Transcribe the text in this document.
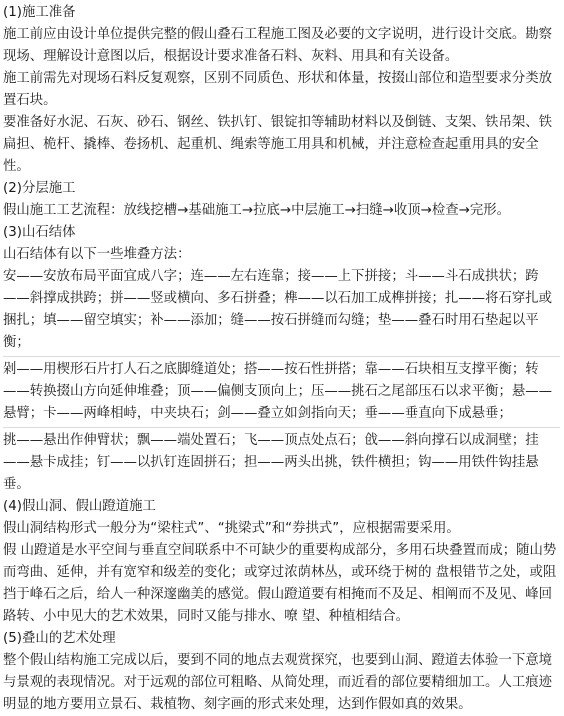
(1)施工准备

施工前应由设计单位提供完整的假山叠石工程施工图及必要的文字说明，进行设计交底。勘察现场、理解设计意图以后，根据设计要求准备石料、灰料、用具和有关设备。

施工前需先对现场石料反复观察，区别不同质色、形状和体量，按掇山部位和造型要求分类放置石块。

要准备好水泥、石灰、砂石、钢丝、铁扒钉、银锭扣等辅助材料以及倒链、支架、铁吊架、铁扁担、桅杆、撬棒、卷扬机、起重机、绳索等施工用具和机械，并注意检查起重用具的安全性。

(2)分层施工

假山施工工艺流程：放线挖槽→基础施工→拉底→中层施工→扫缝→收顶→检查→完形。

(3)山石结体

山石结体有以下一些堆叠方法：

安——安放布局平面宜成八字；连——左右连靠；接——上下拼接；斗——斗石成拱状；跨——斜撑成拱跨；拼——竖或横向、多石拼叠；榫——以石加工成榫拼接；扎——将石穿扎或捆扎；填——留空填实；补——添加；缝——按石拼缝而勾缝；垫——叠石时用石垫起以平衡；

剁——用楔形石片打人石之底脚缝道处；搭——按石性拼搭；靠——石块相互支撑平衡；转——转换掇山方向延伸堆叠；顶——偏侧支顶向上；压——挑石之尾部压石以求平衡；悬——悬臂；卡——两峰相峙，中夹块石；剑——叠立如剑指向天；垂——垂直向下成悬垂；

挑——悬出作伸臂状；飘——端处置石；飞——顶点处点石；戗——斜向撑石以成洞壁；挂——悬卡成挂；钉——以扒钉连固拼石；担——两头出挑，铁件横担；钩——用铁件钩挂悬垂。

(4)假山洞、假山蹬道施工

假山洞结构形式一般分为“梁柱式”、“挑梁式”和“券拱式”，应根据需要采用。

假 山蹬道是水平空间与垂直空间联系中不可缺少的重要构成部分，多用石块叠置而成；随山势而弯曲、延伸，并有宽窄和级差的变化；或穿过浓荫林丛，或环绕于树的 盘根错节之处，或阻挡于峰石之后，给人一种深邃幽美的感觉。假山蹬道要有相掩而不及足、相阐而不及见、峰回路转、小中见大的艺术效果，同时又能与排水、嘹 望、种植相结合。

(5)叠山的艺术处理

整个假山结构施工完成以后，要到不同的地点去观赏探究，也要到山洞、蹬道去体验一下意境与景观的表现情况。对于远观的部位可粗略、从简处理，而近看的部位要精细加工。人工痕迹明显的地方要用立景石、栽植物、刻字画的形式来处理，达到作假如真的效果。
